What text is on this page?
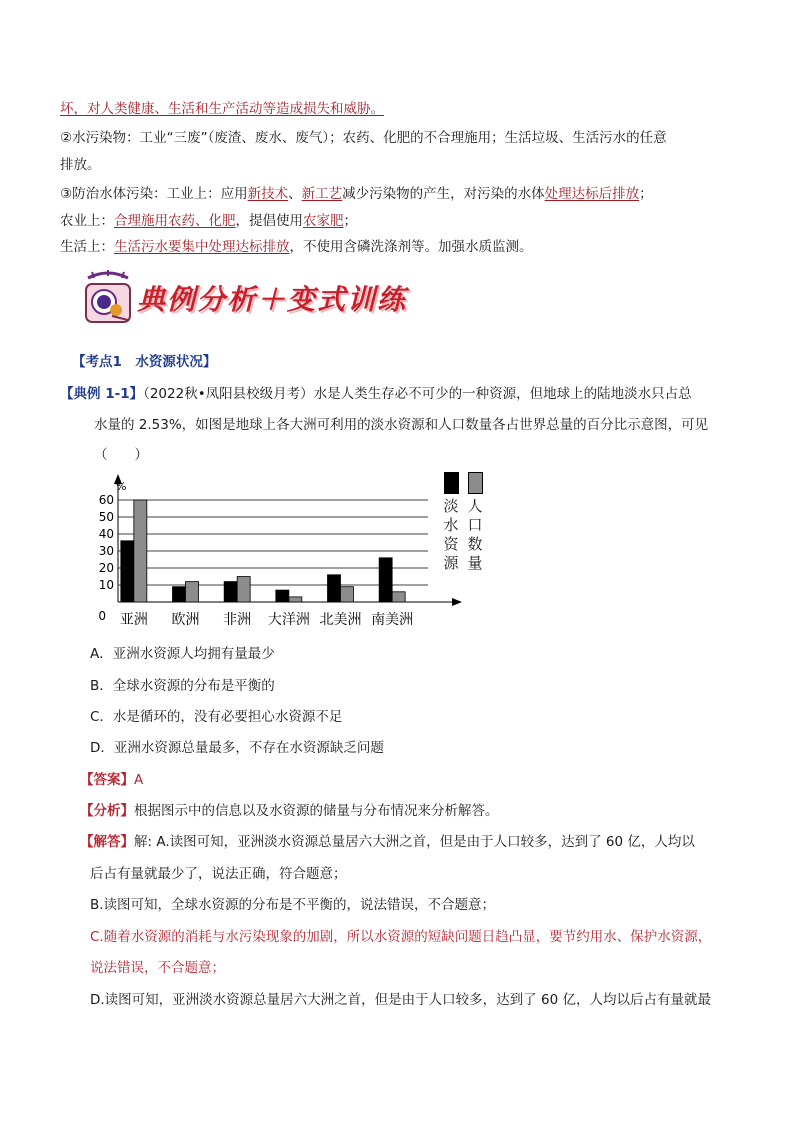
坏，对人类健康、生活和生产活动等造成损失和威胁。
②水污染物：工业“三废”（废渣、废水、废气）；农药、化肥的不合理施用；生活垃圾、生活污水的任意
排放。
③防治水体污染：工业上：应用新技术、新工艺减少污染物的产生，对污染的水体处理达标后排放；
农业上：合理施用农药、化肥，提倡使用农家肥；
生活上：生活污水要集中处理达标排放，不使用含磷洗涤剂等。加强水质监测。
典例分析＋变式训练
【考点1　水资源状况】
【典例 1-1】（2022秋•凤阳县校级月考）水是人类生存必不可少的一种资源，但地球上的陆地淡水只占总
水量的 2.53%，如图是地球上各大洲可利用的淡水资源和人口数量各占世界总量的百分比示意图，可见
（　　）
0
10
20
30
40
50
60
%
亚洲 欧洲 非洲 大洋洲 北美洲 南美洲
淡水资源
人口数量
A．亚洲水资源人均拥有量最少
B．全球水资源的分布是平衡的
C．水是循环的，没有必要担心水资源不足
D．亚洲水资源总量最多，不存在水资源缺乏问题
【答案】A
【分析】根据图示中的信息以及水资源的储量与分布情况来分析解答。
【解答】解: A.读图可知，亚洲淡水资源总量居六大洲之首，但是由于人口较多，达到了 60 亿，人均以
后占有量就最少了，说法正确，符合题意；
B.读图可知，全球水资源的分布是不平衡的，说法错误，不合题意；
C.随着水资源的消耗与水污染现象的加剧，所以水资源的短缺问题日趋凸显，要节约用水、保护水资源，
说法错误，不合题意；
D.读图可知，亚洲淡水资源总量居六大洲之首，但是由于人口较多，达到了 60 亿，人均以后占有量就最
